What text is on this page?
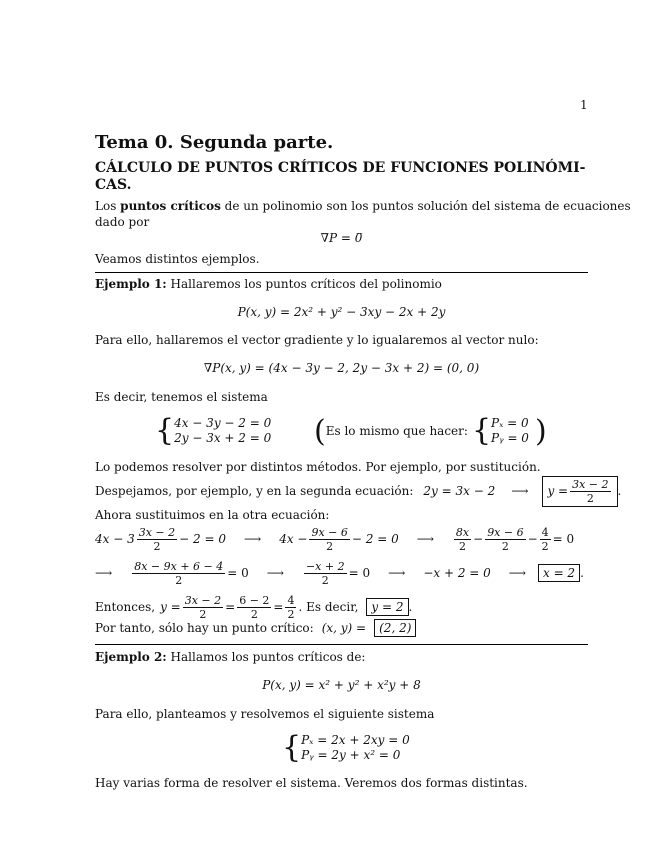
1
Tema 0. Segunda parte.
CÁLCULO DE PUNTOS CRÍTICOS DE FUNCIONES POLINÓMI-CAS.
Los puntos críticos de un polinomio son los puntos solución del sistema de ecuaciones
dado por
∇P = 0̅
Veamos distintos ejemplos.
Ejemplo 1: Hallaremos los puntos críticos del polinomio
P(x, y) = 2x² + y² − 3xy − 2x + 2y
Para ello, hallaremos el vector gradiente y lo igualaremos al vector nulo:
∇P(x, y) = (4x − 3y − 2, 2y − 3x + 2) = (0, 0)
Es decir, tenemos el sistema
{ 4x − 3y − 2 = 0
2y − 3x + 2 = 0 ( Es lo mismo que hacer: { Pₓ = 0
Pᵧ = 0 )
Lo podemos resolver por distintos métodos. Por ejemplo, por sustitución.
Despejamos, por ejemplo, y en la segunda ecuación: 2y = 3x − 2 ⟶ $y = \frac{3x - 2}{2}$ .
Ahora sustituimos en la otra ecuación:
$4x - 3 \frac{3x - 2}{2} - 2 = 0$ ⟶ $4x - \frac{9x - 6}{2} - 2 = 0$ ⟶ $\frac{8x}{2} - \frac{9x - 6}{2} - \frac{4}{2} = 0$
⟶ $\frac{8x - 9x + 6 - 4}{2} = 0$ ⟶ $\frac{-x + 2}{2} = 0$ ⟶ −x + 2 = 0 ⟶	x = 2 .
Entonces, $y = \frac{3x - 2}{2} = \frac{6 - 2}{2} = \frac{4}{2}$ . Es decir,	y = 2 .
Por tanto, sólo hay un punto crítico: (x, y) =	(2, 2)
Ejemplo 2: Hallamos los puntos críticos de:
P(x, y) = x² + y² + x²y + 8
Para ello, planteamos y resolvemos el siguiente sistema
{ Pₓ = 2x + 2xy = 0
Pᵧ = 2y + x² = 0
Hay varias forma de resolver el sistema. Veremos dos formas distintas.
